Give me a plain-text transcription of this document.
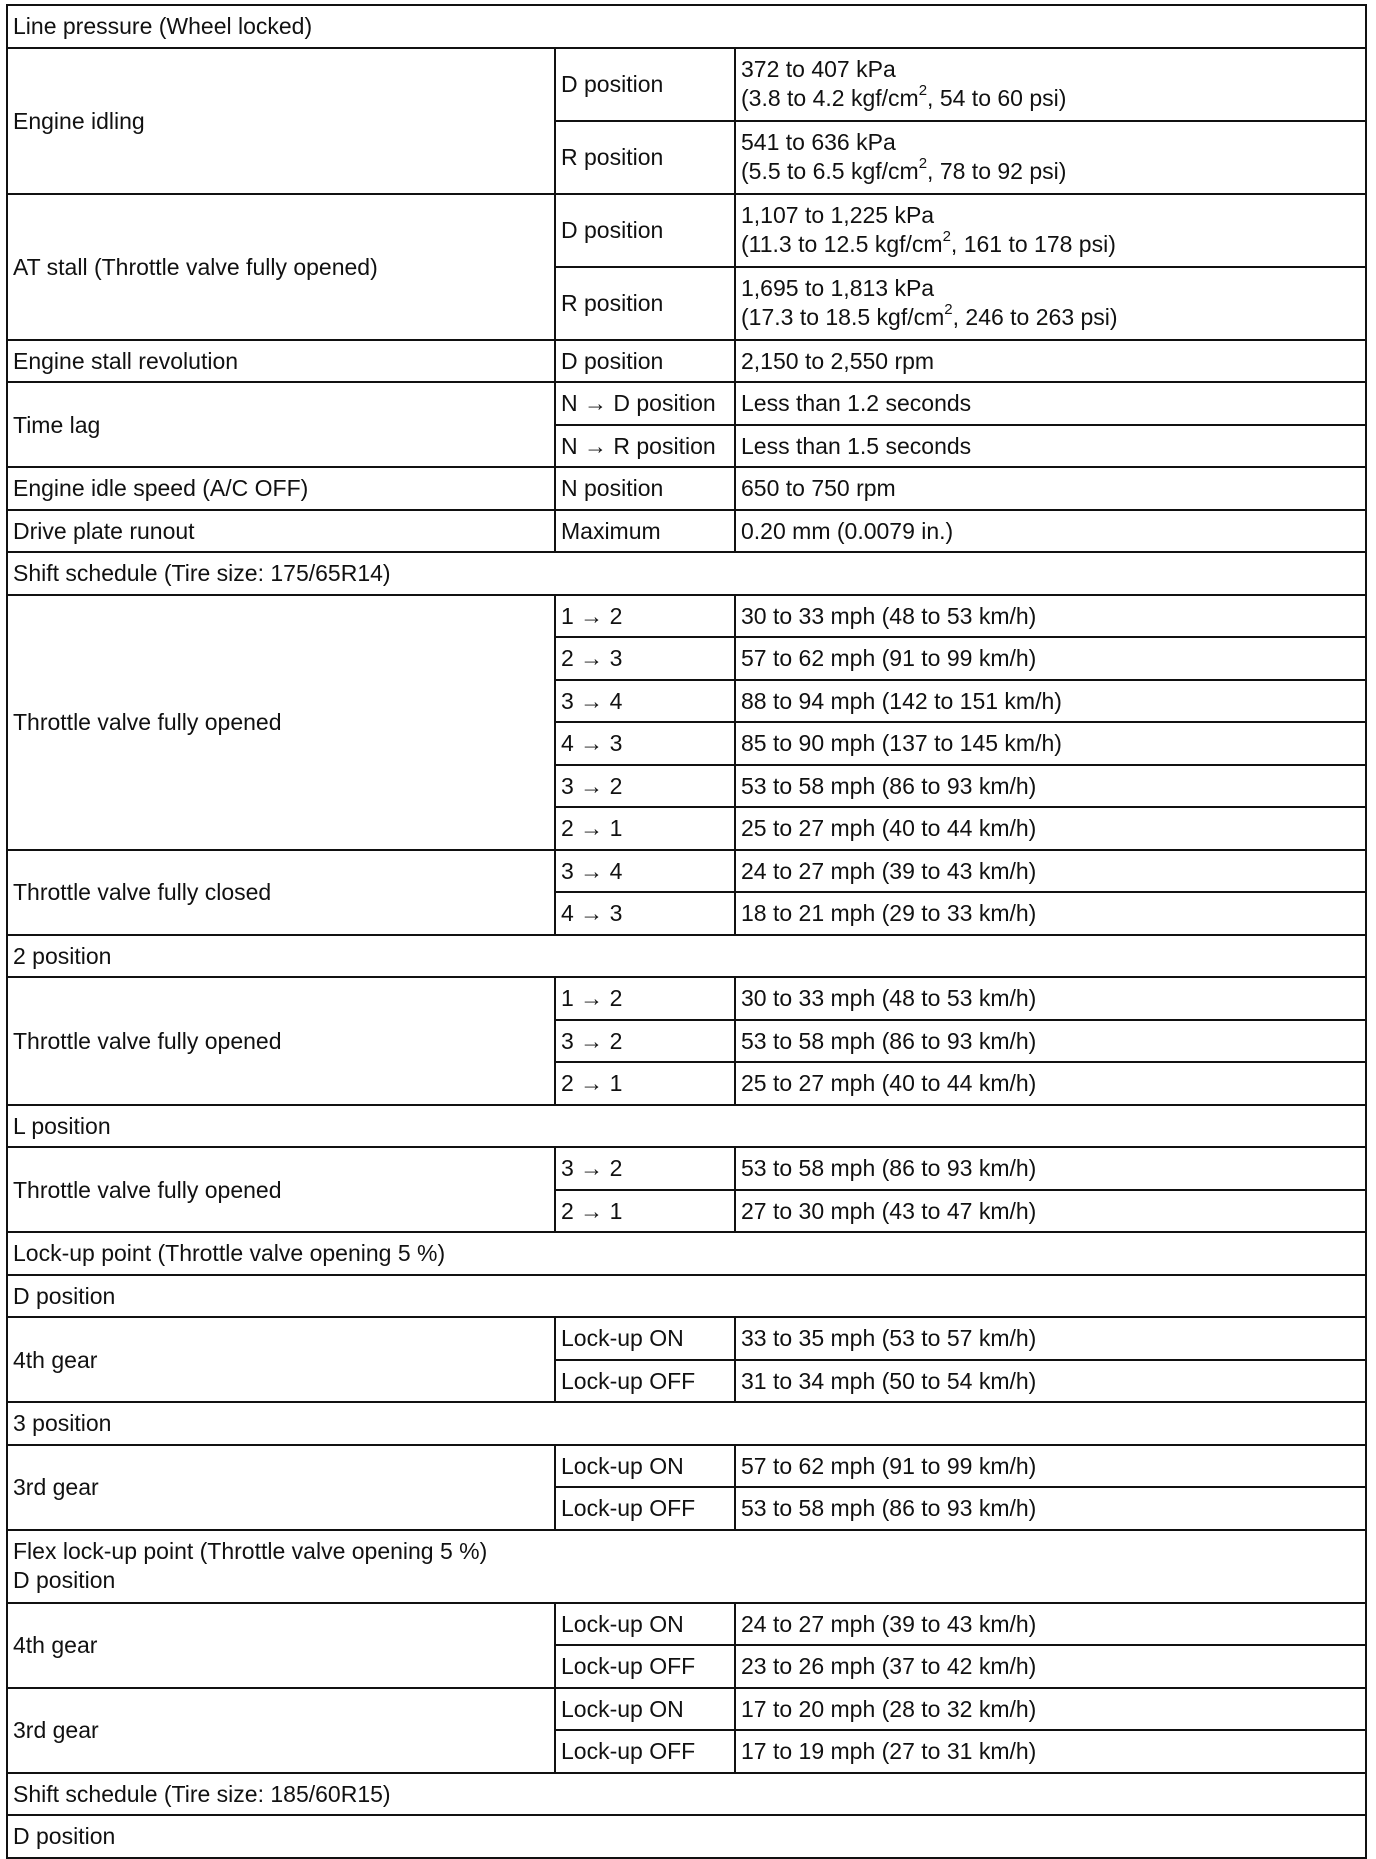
Line pressure (Wheel locked)		
Engine idling	D position	372 to 407 kPa
(3.8 to 4.2 kgf/$cm^2$, 54 to 60 psi)

	R position	541 to 636 kPa
(5.5 to 6.5 kgf/$cm^2$, 78 to 92 psi)

AT stall (Throttle valve fully opened)	D position	1,107 to 1,225 kPa
(11.3 to 12.5 kgf/$cm^2$, 161 to 178 psi)

	R position	1,695 to 1,813 kPa
(17.3 to 18.5 kgf/$cm^2$, 246 to 263 psi)

Engine stall revolution	D position	2,150 to 2,550 rpm
Time lag	N → D position	Less than 1.2 seconds
	N → R position	Less than 1.5 seconds
Engine idle speed (A/C OFF)	N position	650 to 750 rpm
Drive plate runout	Maximum	0.20 mm (0.0079 in.)
Shift schedule (Tire size: 175/65R14)		
Throttle valve fully opened	1 → 2	30 to 33 mph (48 to 53 km/h)
	2 → 3	57 to 62 mph (91 to 99 km/h)
	3 → 4	88 to 94 mph (142 to 151 km/h)
	4 → 3	85 to 90 mph (137 to 145 km/h)
	3 → 2	53 to 58 mph (86 to 93 km/h)
	2 → 1	25 to 27 mph (40 to 44 km/h)
Throttle valve fully closed	3 → 4	24 to 27 mph (39 to 43 km/h)
	4 → 3	18 to 21 mph (29 to 33 km/h)
2 position		
Throttle valve fully opened	1 → 2	30 to 33 mph (48 to 53 km/h)
	3 → 2	53 to 58 mph (86 to 93 km/h)
	2 → 1	25 to 27 mph (40 to 44 km/h)
L position		
Throttle valve fully opened	3 → 2	53 to 58 mph (86 to 93 km/h)
	2 → 1	27 to 30 mph (43 to 47 km/h)
Lock-up point (Throttle valve opening 5 %)		
D position		
4th gear	Lock-up ON	33 to 35 mph (53 to 57 km/h)
	Lock-up OFF	31 to 34 mph (50 to 54 km/h)
3 position		
3rd gear	Lock-up ON	57 to 62 mph (91 to 99 km/h)
	Lock-up OFF	53 to 58 mph (86 to 93 km/h)

Flex lock-up point (Throttle valve opening 5 %)
D position		

4th gear	Lock-up ON	24 to 27 mph (39 to 43 km/h)
	Lock-up OFF	23 to 26 mph (37 to 42 km/h)
3rd gear	Lock-up ON	17 to 20 mph (28 to 32 km/h)
	Lock-up OFF	17 to 19 mph (27 to 31 km/h)
Shift schedule (Tire size: 185/60R15)		
D position		
